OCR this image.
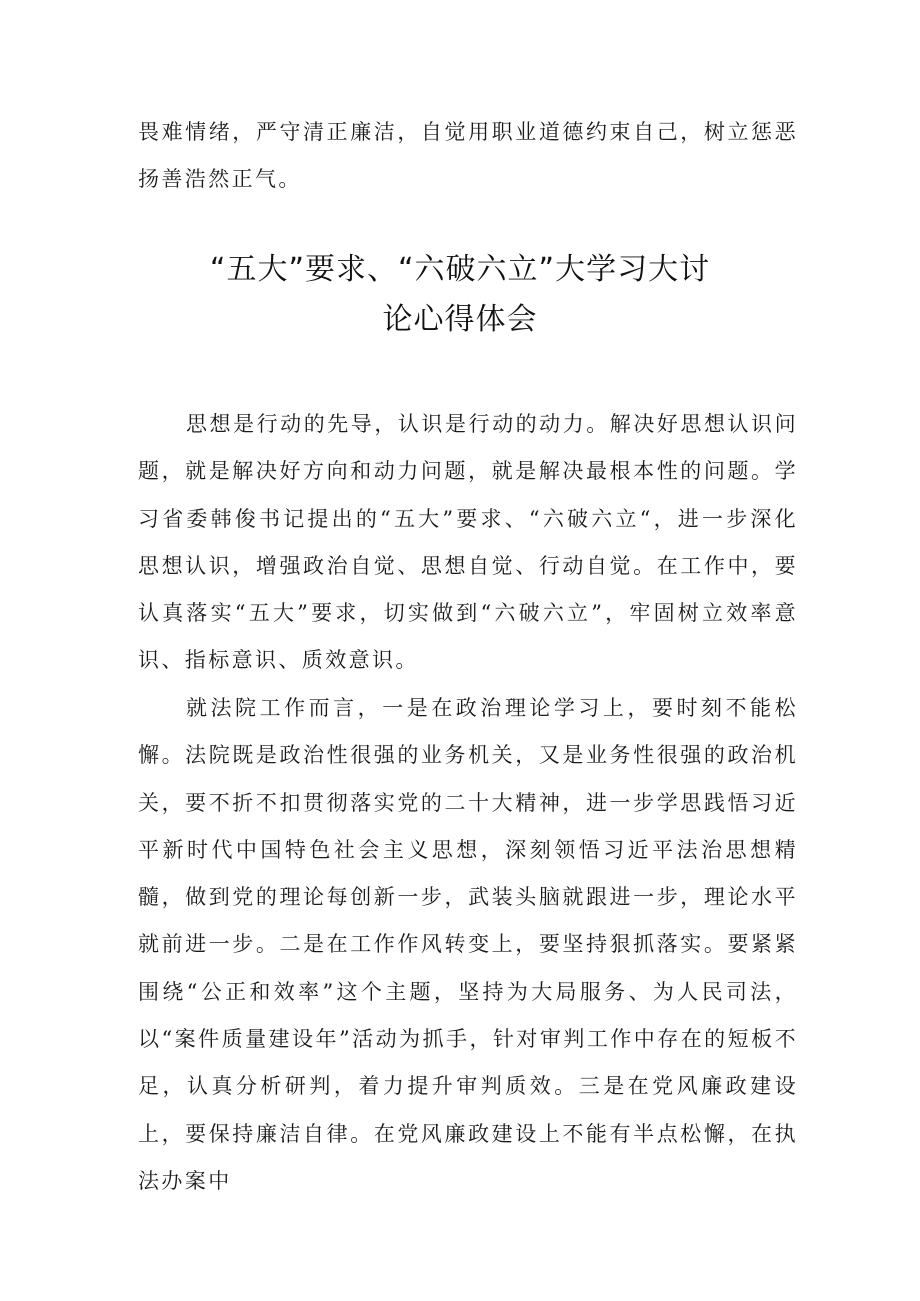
畏难情绪，严守清正廉洁，自觉用职业道德约束自己，树立惩恶扬善浩然正气。

“五大”要求、“六破六立”大学习大讨
论心得体会

思想是行动的先导，认识是行动的动力。解决好思想认识问题，就是解决好方向和动力问题，就是解决最根本性的问题。学习省委韩俊书记提出的“五大”要求、“六破六立“，进一步深化思想认识，增强政治自觉、思想自觉、行动自觉。在工作中，要认真落实“五大”要求，切实做到“六破六立”，牢固树立效率意识、指标意识、质效意识。

就法院工作而言，一是在政治理论学习上，要时刻不能松懈。法院既是政治性很强的业务机关，又是业务性很强的政治机关，要不折不扣贯彻落实党的二十大精神，进一步学思践悟习近平新时代中国特色社会主义思想，深刻领悟习近平法治思想精髓，做到党的理论每创新一步，武装头脑就跟进一步，理论水平就前进一步。二是在工作作风转变上，要坚持狠抓落实。要紧紧围绕“公正和效率”这个主题，坚持为大局服务、为人民司法，以“案件质量建设年”活动为抓手，针对审判工作中存在的短板不足，认真分析研判，着力提升审判质效。三是在党风廉政建设上，要保持廉洁自律。在党风廉政建设上不能有半点松懈，在执法办案中
